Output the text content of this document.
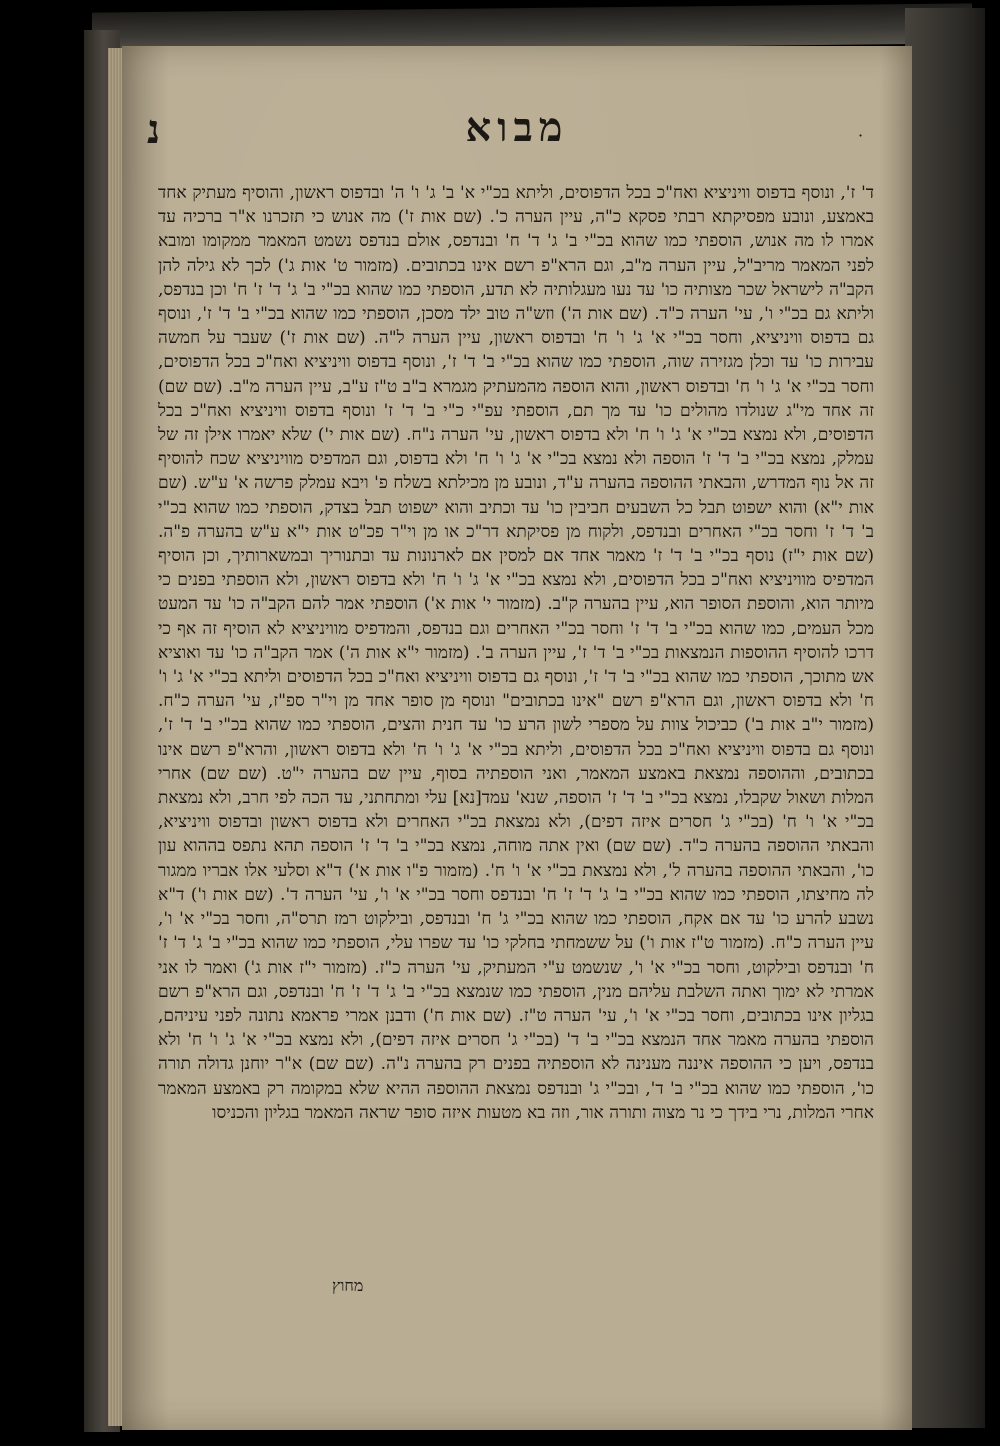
·
מבוא
נ

ד' ז', ונוסף בדפוס וויניציא ואח"כ בכל הדפוסים, וליתא בכ"י א' ב' ג' ו' ה' ובדפוס ראשון, והוסיף מעתיק אחד באמצע, ונובע מפסיקתא רבתי פסקא כ"ה, עיין הערה כ'. (שם אות ז') מה אנוש כי תזכרנו א"ר ברכיה עד אמרו לו מה אנוש, הוספתי כמו שהוא בכ"י ב' ג' ד' ח' ובנדפס, אולם בנדפס נשמט המאמר ממקומו ומובא לפני המאמר מריב"ל, עיין הערה מ"ב, וגם הרא"פ רשם אינו בכתובים. (מזמור ט' אות ג') לכך לא גילה להן הקב"ה לישראל שכר מצותיה כו' עד נעו מעגלותיה לא תדע, הוספתי כמו שהוא בכ"י ב' ג' ד' ז' ח' וכן בנדפס, וליתא גם בכ"י ו', עי' הערה כ"ד. (שם אות ה') וזש"ה טוב ילד מסכן, הוספתי כמו שהוא בכ"י ב' ד' ז', ונוסף גם בדפוס וויניציא, וחסר בכ"י א' ג' ו' ח' ובדפוס ראשון, עיין הערה ל"ה. (שם אות ז') שעבר על חמשה עבירות כו' עד וכלן מגזירה שוה, הוספתי כמו שהוא בכ"י ב' ד' ז', ונוסף בדפוס וויניציא ואח"כ בכל הדפוסים, וחסר בכ"י א' ג' ו' ח' ובדפוס ראשון, והוא הוספה מהמעתיק מגמרא ב"ב ט"ז ע"ב, עיין הערה מ"ב. (שם שם) זה אחד מי"ג שנולדו מהולים כו' עד מך תם, הוספתי עפ"י כ"י ב' ד' ז' ונוסף בדפוס וויניציא ואח"כ בכל הדפוסים, ולא נמצא בכ"י א' ג' ו' ח' ולא בדפוס ראשון, עי' הערה נ"ח. (שם אות י') שלא יאמרו אילן זה של עמלק, נמצא בכ"י ב' ד' ז' הוספה ולא נמצא בכ"י א' ג' ו' ח' ולא בדפוס, וגם המדפיס מוויניציא שכח להוסיף זה אל נוף המדרש, והבאתי ההוספה בהערה ע"ד, ונובע מן מכילתא בשלח פ' ויבא עמלק פרשה א' ע"ש. (שם אות י"א) והוא ישפוט תבל כל השבעים חביבין כו' עד וכתיב והוא ישפוט תבל בצדק, הוספתי כמו שהוא בכ"י ב' ד' ז' וחסר בכ"י האחרים ובנדפס, ולקוח מן פסיקתא דר"כ או מן וי"ר פכ"ט אות י"א ע"ש בהערה פ"ה. (שם אות י"ז) נוסף בכ"י ב' ד' ז' מאמר אחד אם למסין אם לארנונות עד ובתנוריך ובמשארותיך, וכן הוסיף המדפיס מוויניציא ואח"כ בכל הדפוסים, ולא נמצא בכ"י א' ג' ו' ח' ולא בדפוס ראשון, ולא הוספתי בפנים כי מיותר הוא, והוספת הסופר הוא, עיין בהערה ק"ב. (מזמור י' אות א') הוספתי אמר להם הקב"ה כו' עד המעט מכל העמים, כמו שהוא בכ"י ב' ד' ז' וחסר בכ"י האחרים וגם בנדפס, והמדפיס מוויניציא לא הוסיף זה אף כי דרכו להוסיף ההוספות הנמצאות בכ"י ב' ד' ז', עיין הערה ב'. (מזמור י"א אות ה') אמר הקב"ה כו' עד ואוציא אש מתוכך, הוספתי כמו שהוא בכ"י ב' ד' ז', ונוסף גם בדפוס וויניציא ואח"כ בכל הדפוסים וליתא בכ"י א' ג' ו' ח' ולא בדפוס ראשון, וגם הרא"פ רשם "אינו בכתובים" ונוסף מן סופר אחד מן וי"ר ספ"ז, עי' הערה כ"ח. (מזמור י"ב אות ב') כביכול צוות על מספרי לשון הרע כו' עד חנית והצים, הוספתי כמו שהוא בכ"י ב' ד' ז', ונוסף גם בדפוס וויניציא ואח"כ בכל הדפוסים, וליתא בכ"י א' ג' ו' ח' ולא בדפוס ראשון, והרא"פ רשם אינו בכתובים, וההוספה נמצאת באמצע המאמר, ואני הוספתיה בסוף, עיין שם בהערה י"ט. (שם שם) אחרי המלות ושאול שקבלו, נמצא בכ"י ב' ד' ז' הוספה, שנא' עמד[נא] עלי ומתחתני, עד הכה לפי חרב, ולא נמצאת בכ"י א' ו' ח' (בכ"י ג' חסרים איזה דפים), ולא נמצאת בכ"י האחרים ולא בדפוס ראשון ובדפוס וויניציא, והבאתי ההוספה בהערה כ"ד. (שם שם) ואין אתה מוחה, נמצא בכ"י ב' ד' ז' הוספה תהא נתפס בההוא עון כו', והבאתי ההוספה בהערה ל', ולא נמצאת בכ"י א' ו' ח'. (מזמור פ"ו אות א') ד"א וסלעי אלו אבריו ממגור לה מחיצתו, הוספתי כמו שהוא בכ"י ב' ג' ד' ז' ח' ובנדפס וחסר בכ"י א' ו', עי' הערה ד'. (שם אות ו') ד"א נשבע להרע כו' עד אם אקח, הוספתי כמו שהוא בכ"י ג' ח' ובנדפס, ובילקוט רמז תרס"ה, וחסר בכ"י א' ו', עיין הערה כ"ח. (מזמור ט"ז אות ו') על ששמחתי בחלקי כו' עד שפרו עלי, הוספתי כמו שהוא בכ"י ב' ג' ד' ז' ח' ובנדפס ובילקוט, וחסר בכ"י א' ו', שנשמט ע"י המעתיק, עי' הערה כ"ז. (מזמור י"ז אות ג') ואמר לו אני אמרתי לא ימוך ואתה השלבת עליהם מנין, הוספתי כמו שנמצא בכ"י ב' ג' ד' ז' ח' ובנדפס, וגם הרא"פ רשם בגליון אינו בכתובים, וחסר בכ"י א' ו', עי' הערה ט"ז. (שם אות ח') ודבנן אמרי פראמא נתונה לפני עיניהם, הוספתי בהערה מאמר אחד הנמצא בכ"י ב' ד' (בכ"י ג' חסרים איזה דפים), ולא נמצא בכ"י א' ג' ו' ח' ולא בנדפס, ויען כי ההוספה איננה מענינה לא הוספתיה בפנים רק בהערה נ"ה. (שם שם) א"ר יוחנן גדולה תורה כו', הוספתי כמו שהוא בכ"י ב' ד', ובכ"י ג' ובנדפס נמצאת ההוספה ההיא שלא במקומה רק באמצע המאמר אחרי המלות, נרי בידך כי נר מצוה ותורה אור, וזה בא מטעות איזה סופר שראה המאמר בגליון והכניסו

מחוץ
